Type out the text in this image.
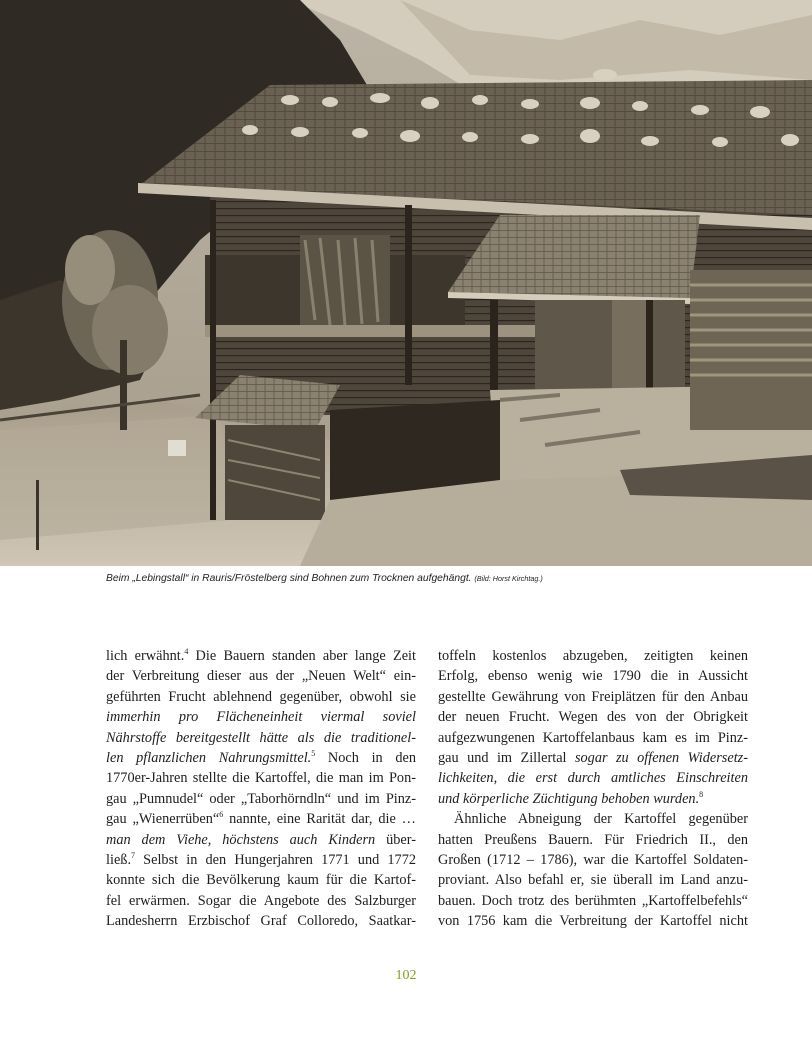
Beim „Lebingstall“ in Rauris/Fröstelberg sind Bohnen zum Trocknen aufgehängt. (Bild: Horst Kirchtag.)
lich erwähnt.$^4$ Die Bauern standen aber lange Zeit
der Verbreitung dieser aus der „Neuen Welt“ ein-
geführten Frucht ablehnend gegenüber, obwohl sie
immerhin pro Flächeneinheit viermal soviel
Nährstoffe bereitgestellt hätte als die traditionel-
len pflanzlichen Nahrungsmittel.$^5$ Noch in den
1770er-Jahren stellte die Kartoffel, die man im Pon-
gau „Pumnudel“ oder „Taborhörndln“ und im Pinz-
gau „Wienerrüben“$^6$ nannte, eine Rarität dar, die …
man dem Viehe, höchstens auch Kindern über-
ließ.$^7$ Selbst in den Hungerjahren 1771 und 1772
konnte sich die Bevölkerung kaum für die Kartof-
fel erwärmen. Sogar die Angebote des Salzburger
Landesherrn Erzbischof Graf Colloredo, Saatkar-
toffeln kostenlos abzugeben, zeitigten keinen
Erfolg, ebenso wenig wie 1790 die in Aussicht
gestellte Gewährung von Freiplätzen für den Anbau
der neuen Frucht. Wegen des von der Obrigkeit
aufgezwungenen Kartoffelanbaus kam es im Pinz-
gau und im Zillertal sogar zu offenen Widersetz-
lichkeiten, die erst durch amtliches Einschreiten
und körperliche Züchtigung behoben wurden.$^8$
Ähnliche Abneigung der Kartoffel gegenüber
hatten Preußens Bauern. Für Friedrich II., den
Großen (1712 – 1786), war die Kartoffel Soldaten-
proviant. Also befahl er, sie überall im Land anzu-
bauen. Doch trotz des berühmten „Kartoffelbefehls“
von 1756 kam die Verbreitung der Kartoffel nicht
102
